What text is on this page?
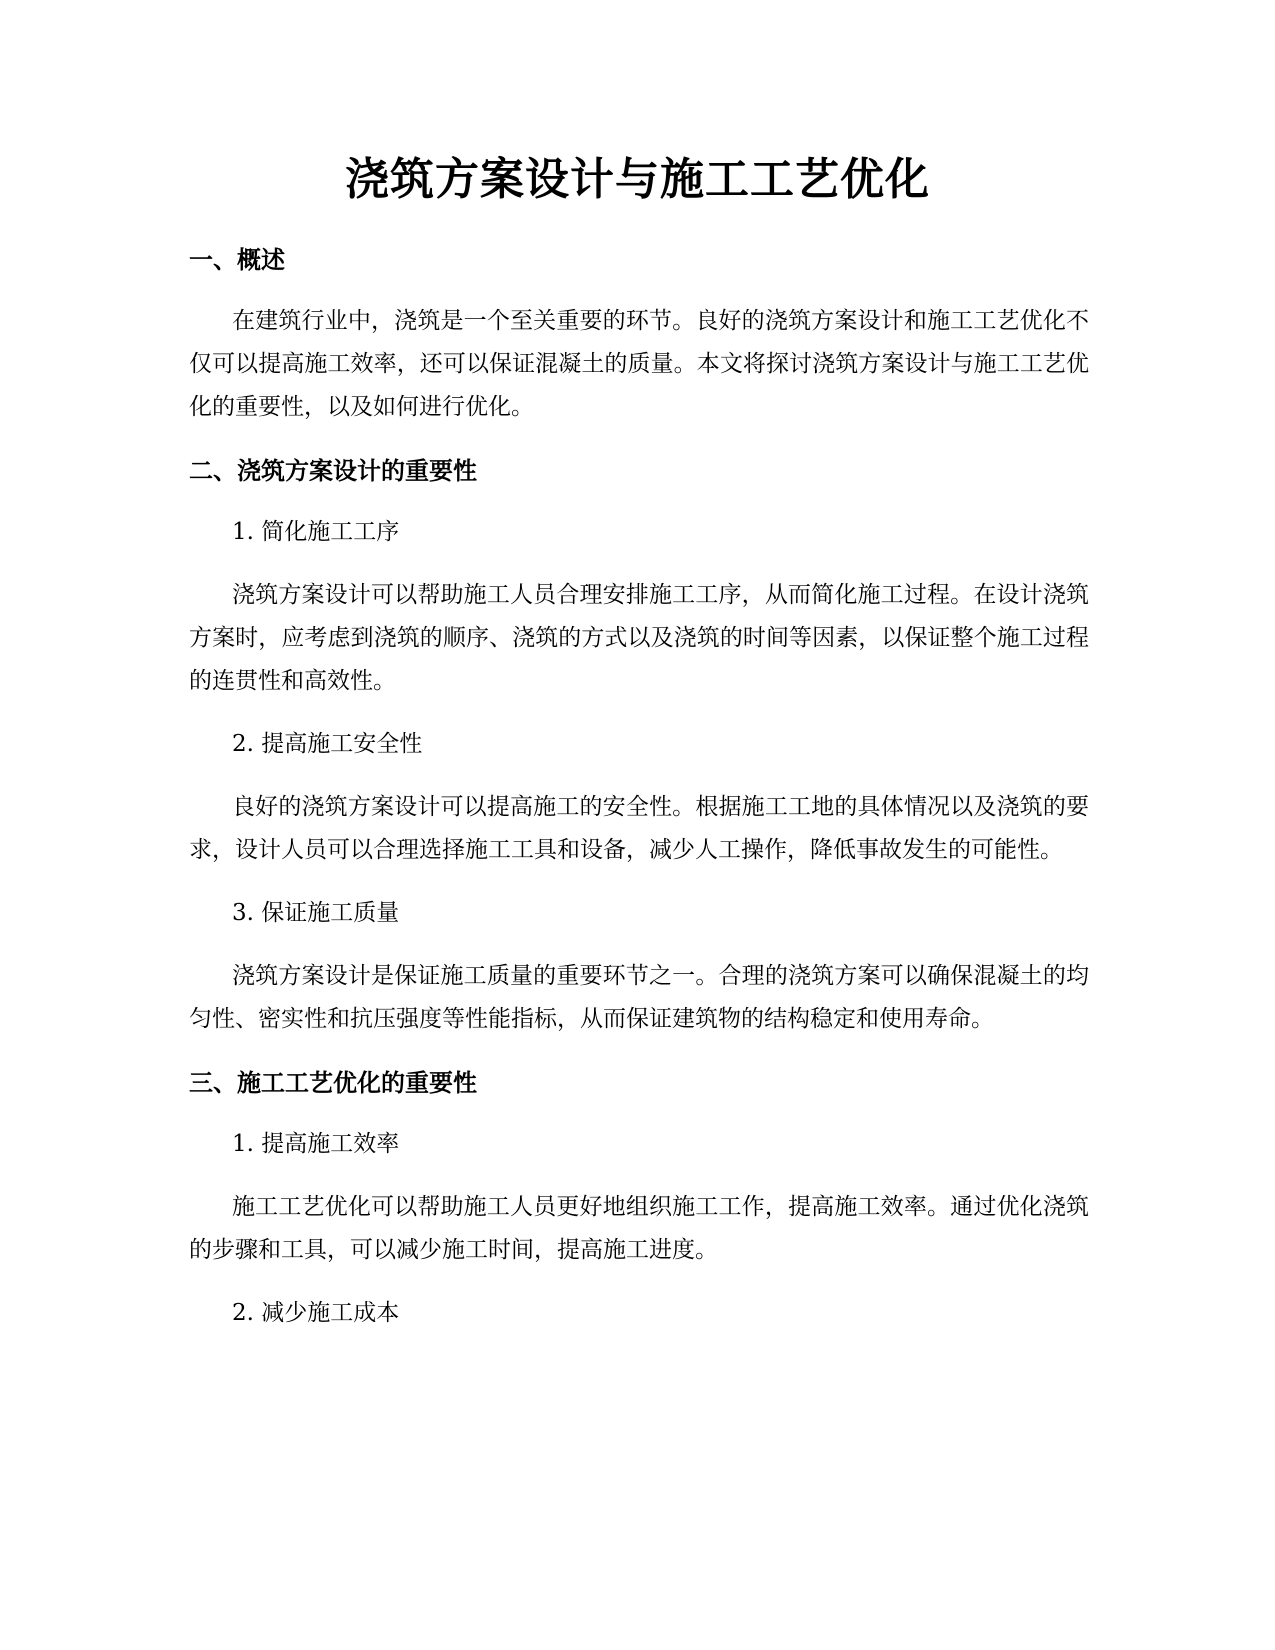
浇筑方案设计与施工工艺优化
一、概述

在建筑行业中，浇筑是一个至关重要的环节。良好的浇筑方案设计和施工工艺优化不仅可以提高施工效率，还可以保证混凝土的质量。本文将探讨浇筑方案设计与施工工艺优化的重要性，以及如何进行优化。

二、浇筑方案设计的重要性

1. 简化施工工序

浇筑方案设计可以帮助施工人员合理安排施工工序，从而简化施工过程。在设计浇筑方案时，应考虑到浇筑的顺序、浇筑的方式以及浇筑的时间等因素，以保证整个施工过程的连贯性和高效性。

2. 提高施工安全性

良好的浇筑方案设计可以提高施工的安全性。根据施工工地的具体情况以及浇筑的要求，设计人员可以合理选择施工工具和设备，减少人工操作，降低事故发生的可能性。

3. 保证施工质量

浇筑方案设计是保证施工质量的重要环节之一。合理的浇筑方案可以确保混凝土的均匀性、密实性和抗压强度等性能指标，从而保证建筑物的结构稳定和使用寿命。

三、施工工艺优化的重要性

1. 提高施工效率

施工工艺优化可以帮助施工人员更好地组织施工工作，提高施工效率。通过优化浇筑的步骤和工具，可以减少施工时间，提高施工进度。

2. 减少施工成本
